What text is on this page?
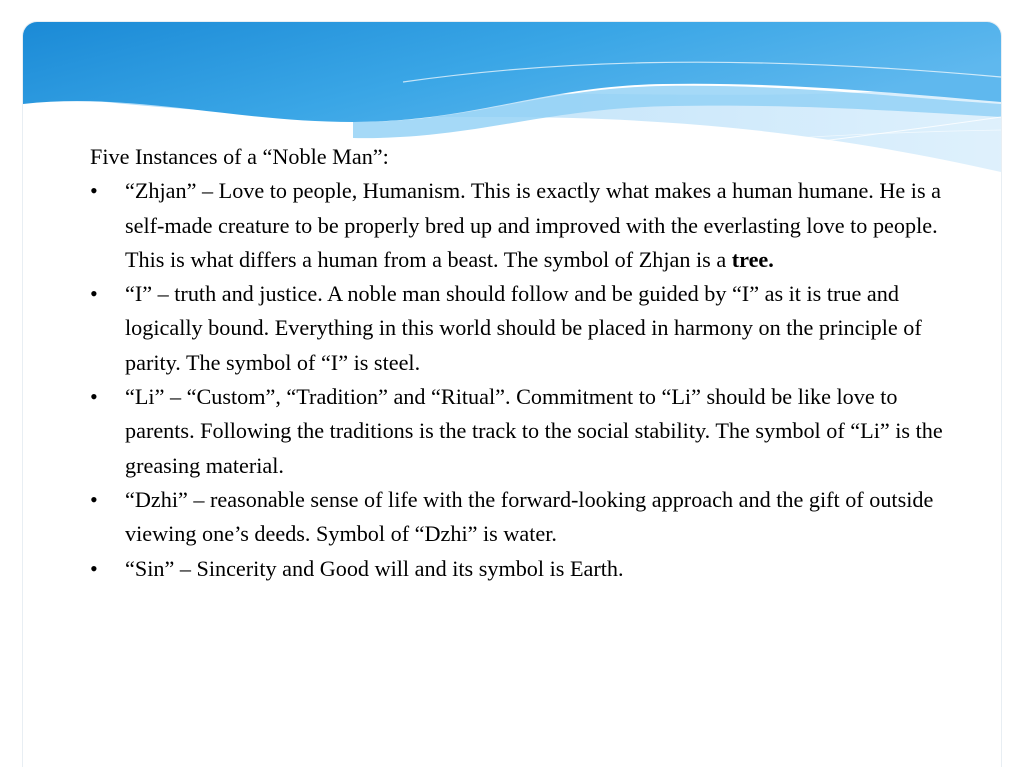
Five Instances of a “Noble Man”:

•	“Zhjan” – Love to people, Humanism. This is exactly what makes a human humane. He is a self-made creature to be properly bred up and improved with the everlasting love to people. This is what differs a human from a beast. The symbol of Zhjan is a tree.
•	“I” – truth and justice. A noble man should follow and be guided by “I” as it is true and logically bound. Everything in this world should be placed in harmony on the principle of parity. The symbol of “I” is steel.
•	“Li” – “Custom”, “Tradition” and “Ritual”. Commitment to “Li” should be like love to parents. Following the traditions is the track to the social stability. The symbol of “Li” is the greasing material.
•	“Dzhi” – reasonable sense of life with the forward-looking approach and the gift of outside viewing one’s deeds. Symbol of “Dzhi” is water.
•	“Sin” – Sincerity and Good will and its symbol is Earth.
